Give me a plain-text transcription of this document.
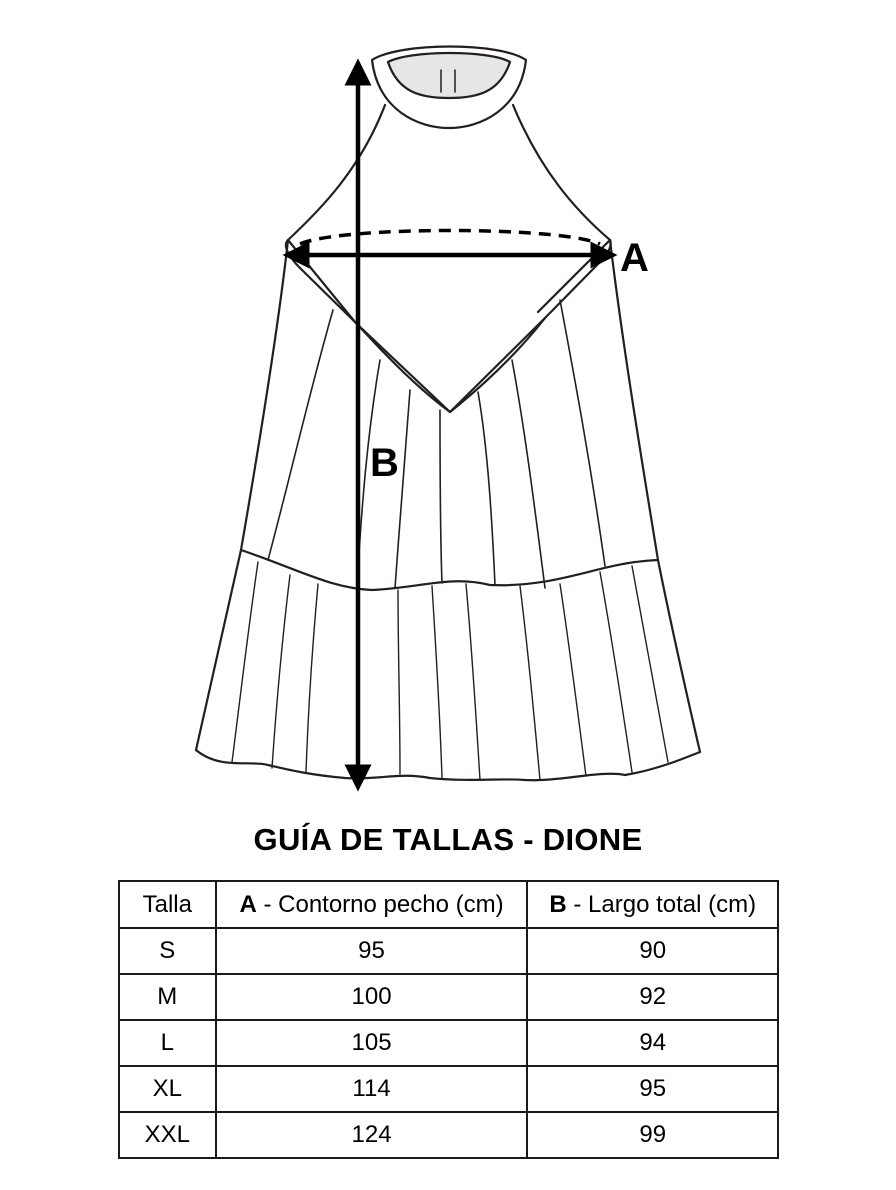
A
B
GUÍA DE TALLAS - DIONE
Talla	A - Contorno pecho (cm)	B - Largo total (cm)
S	95	90
M	100	92
L	105	94
XL	114	95
XXL	124	99
